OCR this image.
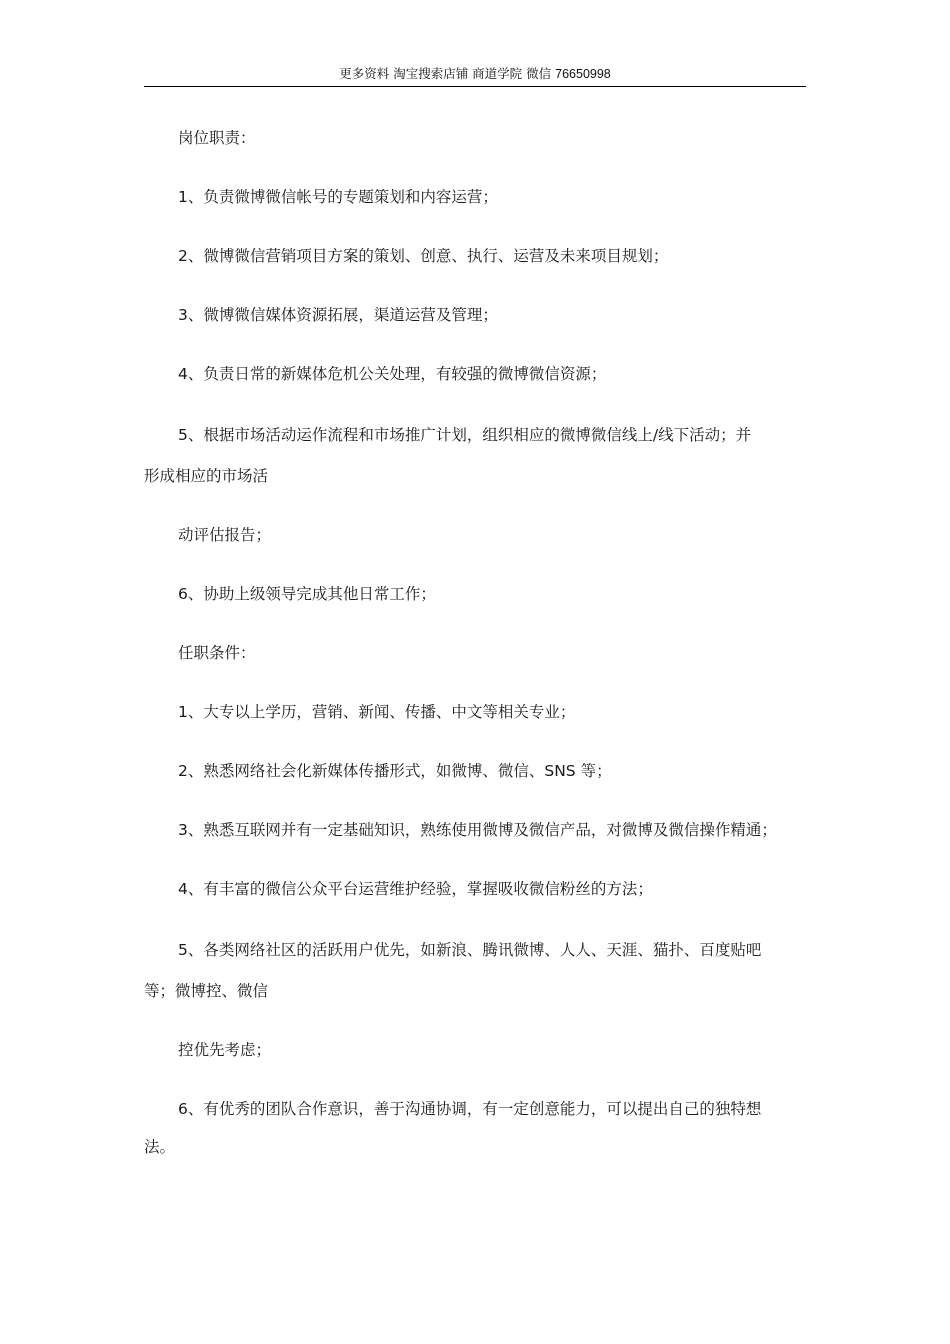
更多资料 淘宝搜索店铺 商道学院 微信 76650998
岗位职责：
1、负责微博微信帐号的专题策划和内容运营；
2、微博微信营销项目方案的策划、创意、执行、运营及未来项目规划；
3、微博微信媒体资源拓展，渠道运营及管理；
4、负责日常的新媒体危机公关处理，有较强的微博微信资源；
5、根据市场活动运作流程和市场推广计划，组织相应的微博微信线上/线下活动；并
形成相应的市场活
动评估报告；
6、协助上级领导完成其他日常工作；
任职条件：
1、大专以上学历，营销、新闻、传播、中文等相关专业；
2、熟悉网络社会化新媒体传播形式，如微博、微信、SNS 等；
3、熟悉互联网并有一定基础知识，熟练使用微博及微信产品，对微博及微信操作精通；
4、有丰富的微信公众平台运营维护经验，掌握吸收微信粉丝的方法；
5、各类网络社区的活跃用户优先，如新浪、腾讯微博、人人、天涯、猫扑、百度贴吧
等；微博控、微信
控优先考虑；
6、有优秀的团队合作意识，善于沟通协调，有一定创意能力，可以提出自己的独特想
法。
